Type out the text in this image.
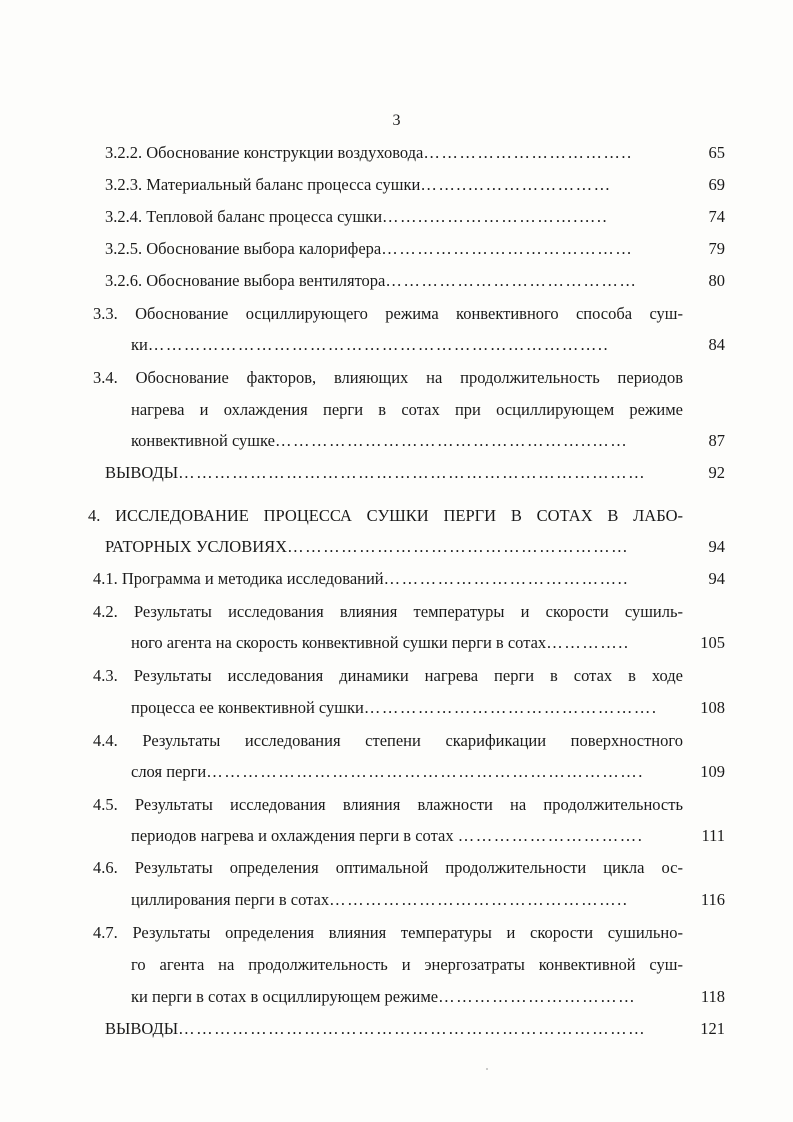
3
3.2.2. Обоснование конструкции воздуховода……………………………..	65
3.2.3. Материальный баланс процесса сушки……..……………………	69
3.2.4. Тепловой баланс процесса сушки……..…………………….…..	74
3.2.5. Обоснование выбора калорифера……………………………………	79
3.2.6. Обоснование выбора вентилятора……………………………………	80
3.3. Обоснование осциллирующего режима конвективного способа суш-
ки…………………………………………………………………..	84
3.4. Обоснование факторов, влияющих на продолжительность периодов
нагрева и охлаждения перги в сотах при осциллирующем режиме
конвективной сушке……………………………………………..……	87
ВЫВОДЫ……………………………………………………………………	92
4. ИССЛЕДОВАНИЕ ПРОЦЕССА СУШКИ ПЕРГИ В СОТАХ В ЛАБО-
РАТОРНЫХ УСЛОВИЯХ…………………………………………………	94
4.1. Программа и методика исследований…………………………………..	94
4.2. Результаты исследования влияния температуры и скорости сушиль-
ного агента на скорость конвективной сушки перги в сотах…………..	105
4.3. Результаты исследования динамики нагрева перги в сотах в ходе
процесса ее конвективной сушки………………………………………….	108
4.4. Результаты исследования степени скарификации поверхностного
слоя перги……………………………………………………………….	109
4.5. Результаты исследования влияния влажности на продолжительность
периодов нагрева и охлаждения перги в сотах ………………………….	111
4.6. Результаты определения оптимальной продолжительности цикла ос-
циллирования перги в сотах…………………………………………..	116
4.7. Результаты определения влияния температуры и скорости сушильно-
го агента на продолжительность и энергозатраты конвективной суш-
ки перги в сотах в осциллирующем режиме……………………………	118
ВЫВОДЫ……………………………………………………………………	121
